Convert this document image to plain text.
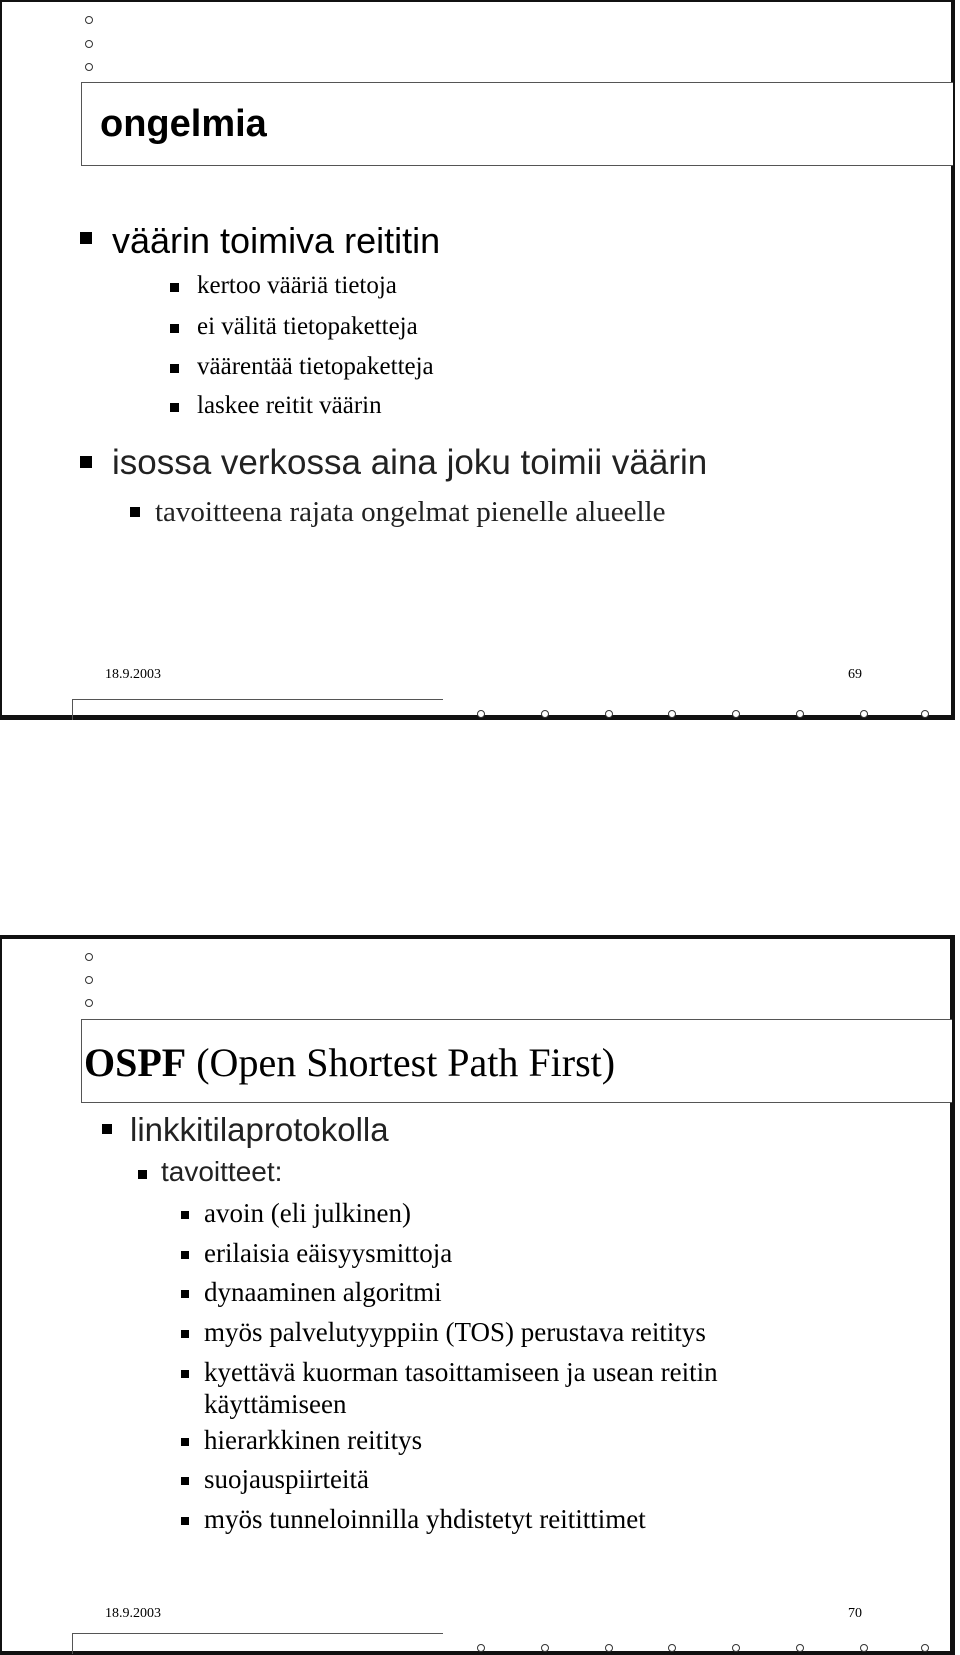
ongelmia
väärin toimiva reititin
kertoo vääriä tietoja
ei välitä tietopaketteja
väärentää tietopaketteja
laskee reitit väärin
isossa verkossa aina joku toimii väärin
tavoitteena rajata ongelmat pienelle alueelle
18.9.2003	69
OSPF (Open Shortest Path First)
linkkitilaprotokolla
tavoitteet:
avoin (eli julkinen)
erilaisia eäisyysmittoja
dynaaminen algoritmi
myös palvelutyyppiin (TOS) perustava reititys
kyettävä kuorman tasoittamiseen ja usean reitin
käyttämiseen
hierarkkinen reititys
suojauspiirteitä
myös tunneloinnilla yhdistetyt reitittimet
18.9.2003	70
